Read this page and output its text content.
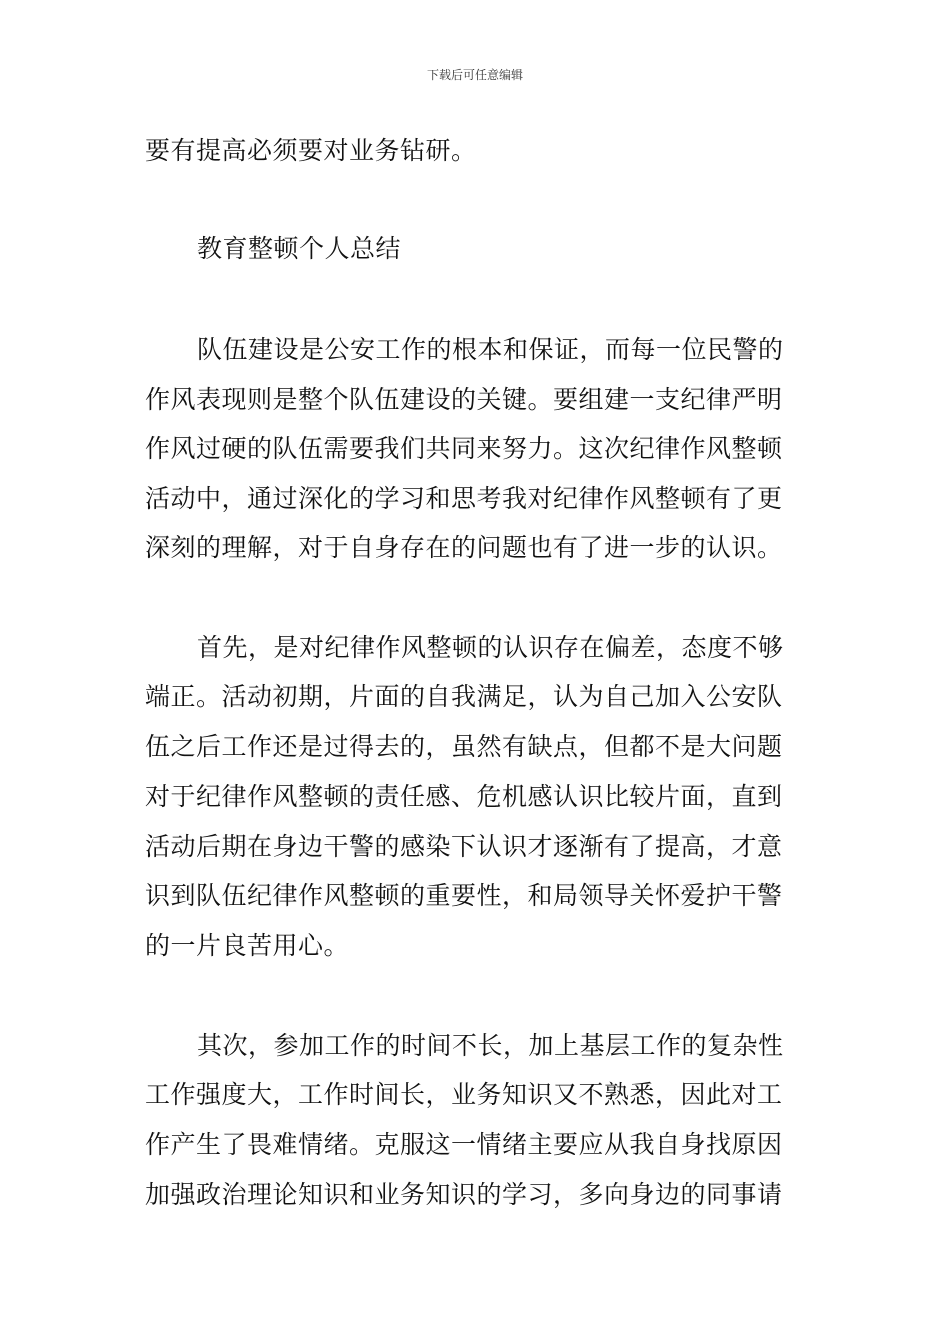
下载后可任意编辑
要有提高必须要对业务钻研。
教育整顿个人总结
队伍建设是公安工作的根本和保证，而每一位民警的
作风表现则是整个队伍建设的关键。要组建一支纪律严明
作风过硬的队伍需要我们共同来努力。这次纪律作风整顿
活动中，通过深化的学习和思考我对纪律作风整顿有了更
深刻的理解，对于自身存在的问题也有了进一步的认识。
首先，是对纪律作风整顿的认识存在偏差，态度不够
端正。活动初期，片面的自我满足，认为自己加入公安队
伍之后工作还是过得去的，虽然有缺点，但都不是大问题
对于纪律作风整顿的责任感、危机感认识比较片面，直到
活动后期在身边干警的感染下认识才逐渐有了提高，才意
识到队伍纪律作风整顿的重要性，和局领导关怀爱护干警
的一片良苦用心。
其次，参加工作的时间不长，加上基层工作的复杂性
工作强度大，工作时间长，业务知识又不熟悉，因此对工
作产生了畏难情绪。克服这一情绪主要应从我自身找原因
加强政治理论知识和业务知识的学习，多向身边的同事请
